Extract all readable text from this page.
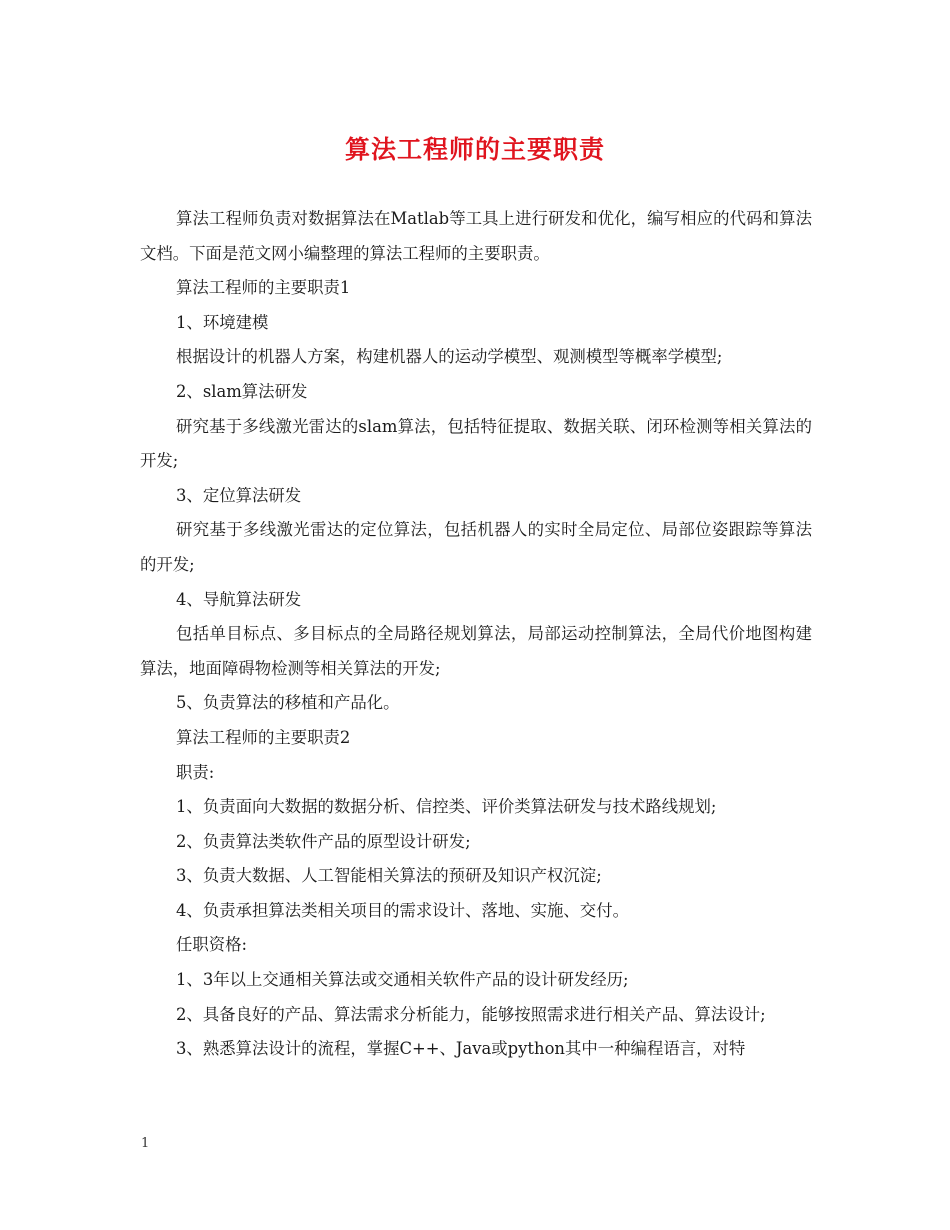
算法工程师的主要职责

算法工程师负责对数据算法在Matlab等工具上进行研发和优化，编写相应的代码和算法文档。下面是范文网小编整理的算法工程师的主要职责。

算法工程师的主要职责1

1、环境建模

根据设计的机器人方案，构建机器人的运动学模型、观测模型等概率学模型;

2、slam算法研发

研究基于多线激光雷达的slam算法，包括特征提取、数据关联、闭环检测等相关算法的开发;

3、定位算法研发

研究基于多线激光雷达的定位算法，包括机器人的实时全局定位、局部位姿跟踪等算法的开发;

4、导航算法研发

包括单目标点、多目标点的全局路径规划算法，局部运动控制算法，全局代价地图构建算法，地面障碍物检测等相关算法的开发;

5、负责算法的移植和产品化。

算法工程师的主要职责2

职责:

1、负责面向大数据的数据分析、信控类、评价类算法研发与技术路线规划;

2、负责算法类软件产品的原型设计研发;

3、负责大数据、人工智能相关算法的预研及知识产权沉淀;

4、负责承担算法类相关项目的需求设计、落地、实施、交付。

任职资格:

1、3年以上交通相关算法或交通相关软件产品的设计研发经历;

2、具备良好的产品、算法需求分析能力，能够按照需求进行相关产品、算法设计;

3、熟悉算法设计的流程，掌握C++、Java或python其中一种编程语言，对特

1
